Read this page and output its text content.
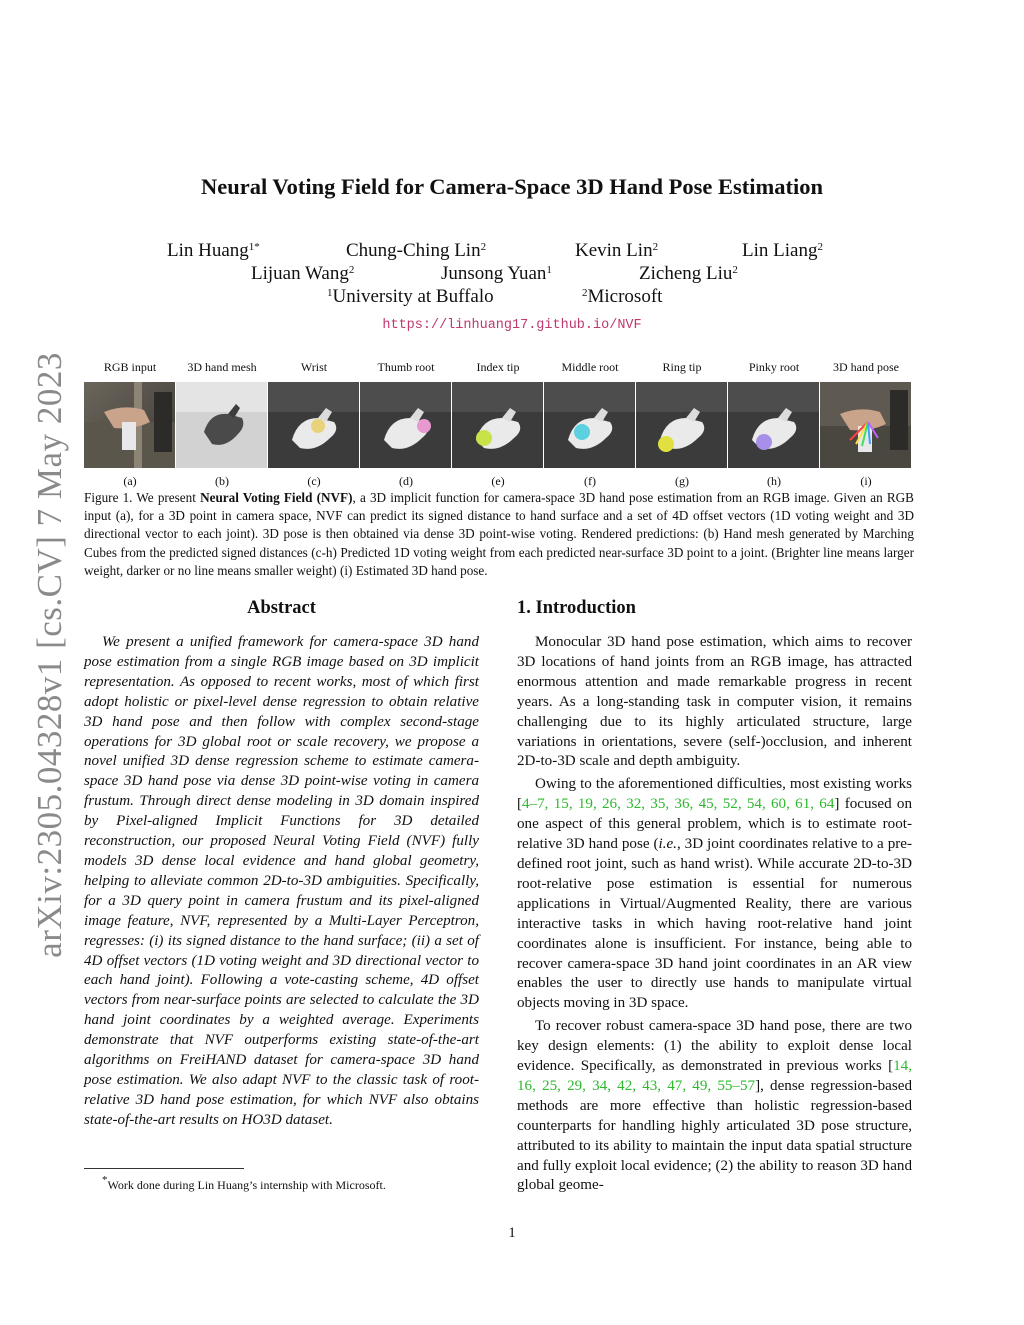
arXiv:2305.04328v1 [cs.CV] 7 May 2023
Neural Voting Field for Camera-Space 3D Hand Pose Estimation
Lin Huang$^{1*}$	Chung-Ching Lin$^2$	Kevin Lin$^2$	Lin Liang$^2$
Lijuan Wang$^2$	Junsong Yuan$^1$	Zicheng Liu$^2$
$^1$University at Buffalo	$^2$Microsoft
https://linhuang17.github.io/NVF
RGB input	3D hand mesh	Wrist	Thumb root	Index tip	Middle root	Ring tip	Pinky root	3D hand pose
(a)	(b)	(c)	(d)	(e)	(f)	(g)	(h)	(i)
Figure 1. We present Neural Voting Field (NVF), a 3D implicit function for camera-space 3D hand pose estimation from an RGB image. Given an RGB input (a), for a 3D point in camera space, NVF can predict its signed distance to hand surface and a set of 4D offset vectors (1D voting weight and 3D directional vector to each joint). 3D pose is then obtained via dense 3D point-wise voting. Rendered predictions: (b) Hand mesh generated by Marching Cubes from the predicted signed distances (c-h) Predicted 1D voting weight from each predicted near-surface 3D point to a joint. (Brighter line means larger weight, darker or no line means smaller weight) (i) Estimated 3D hand pose.
Abstract

We present a unified framework for camera-space 3D hand pose estimation from a single RGB image based on 3D implicit representation. As opposed to recent works, most of which first adopt holistic or pixel-level dense regression to obtain relative 3D hand pose and then follow with complex second-stage operations for 3D global root or scale recovery, we propose a novel unified 3D dense regression scheme to estimate camera-space 3D hand pose via dense 3D point-wise voting in camera frustum. Through direct dense modeling in 3D domain inspired by Pixel-aligned Implicit Functions for 3D detailed reconstruction, our proposed Neural Voting Field (NVF) fully models 3D dense local evidence and hand global geometry, helping to alleviate common 2D-to-3D ambiguities. Specifically, for a 3D query point in camera frustum and its pixel-aligned image feature, NVF, represented by a Multi-Layer Perceptron, regresses: (i) its signed distance to the hand surface; (ii) a set of 4D offset vectors (1D voting weight and 3D directional vector to each hand joint). Following a vote-casting scheme, 4D offset vectors from near-surface points are selected to calculate the 3D hand joint coordinates by a weighted average. Experiments demonstrate that NVF outperforms existing state-of-the-art algorithms on FreiHAND dataset for camera-space 3D hand pose estimation. We also adapt NVF to the classic task of root-relative 3D hand pose estimation, for which NVF also obtains state-of-the-art results on HO3D dataset.

1. Introduction

Monocular 3D hand pose estimation, which aims to recover 3D locations of hand joints from an RGB image, has attracted enormous attention and made remarkable progress in recent years. As a long-standing task in computer vision, it remains challenging due to its highly articulated structure, large variations in orientations, severe (self-)occlusion, and inherent 2D-to-3D scale and depth ambiguity.

Owing to the aforementioned difficulties, most existing works [4–7, 15, 19, 26, 32, 35, 36, 45, 52, 54, 60, 61, 64] focused on one aspect of this general problem, which is to estimate root-relative 3D hand pose (i.e., 3D joint coordinates relative to a pre-defined root joint, such as hand wrist). While accurate 2D-to-3D root-relative pose estimation is essential for numerous applications in Virtual/Augmented Reality, there are various interactive tasks in which having root-relative hand joint coordinates alone is insufficient. For instance, being able to recover camera-space 3D hand joint coordinates in an AR view enables the user to directly use hands to manipulate virtual objects moving in 3D space.

To recover robust camera-space 3D hand pose, there are two key design elements: (1) the ability to exploit dense local evidence. Specifically, as demonstrated in previous works [14, 16, 25, 29, 34, 42, 43, 47, 49, 55–57], dense regression-based methods are more effective than holistic regression-based counterparts for handling highly articulated 3D pose structure, attributed to its ability to maintain the input data spatial structure and fully exploit local evidence; (2) the ability to reason 3D hand global geome-

*Work done during Lin Huang’s internship with Microsoft.
1
